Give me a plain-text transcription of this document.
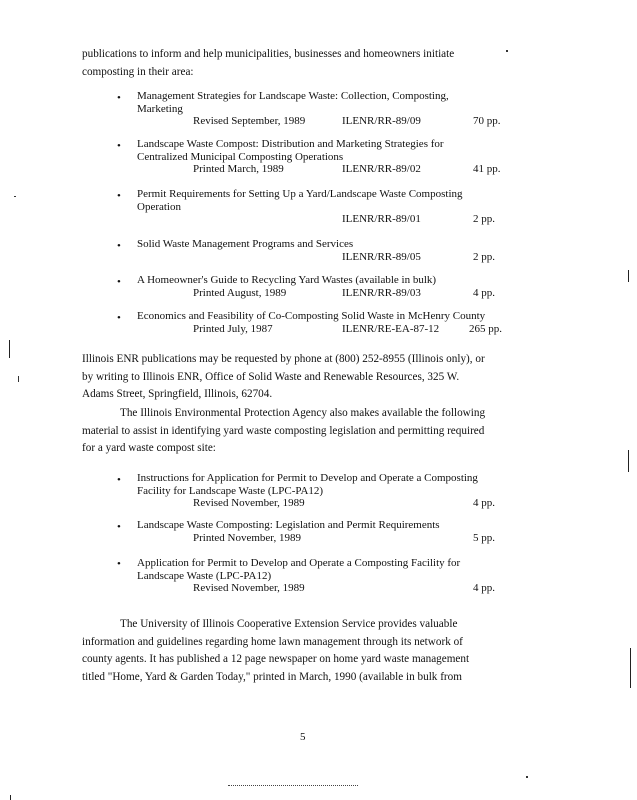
publications to inform and help municipalities, businesses and homeowners initiate
composting in their area:
• Management Strategies for Landscape Waste: Collection, Composting,
Marketing
Revised September, 1989	ILENR/RR-89/09	70 pp.
• Landscape Waste Compost: Distribution and Marketing Strategies for
Centralized Municipal Composting Operations
Printed March, 1989	ILENR/RR-89/02	41 pp.
• Permit Requirements for Setting Up a Yard/Landscape Waste Composting
Operation
ILENR/RR-89/01	2 pp.
• Solid Waste Management Programs and Services
ILENR/RR-89/05	2 pp.
• A Homeowner's Guide to Recycling Yard Wastes (available in bulk)
Printed August, 1989	ILENR/RR-89/03	4 pp.
• Economics and Feasibility of Co-Composting Solid Waste in McHenry County
Printed July, 1987	ILENR/RE-EA-87-12	265 pp.
Illinois ENR publications may be requested by phone at (800) 252-8955 (Illinois only), or
by writing to Illinois ENR, Office of Solid Waste and Renewable Resources, 325 W.
Adams Street, Springfield, Illinois, 62704.
The Illinois Environmental Protection Agency also makes available the following
material to assist in identifying yard waste composting legislation and permitting required
for a yard waste compost site:
• Instructions for Application for Permit to Develop and Operate a Composting
Facility for Landscape Waste (LPC-PA12)
Revised November, 1989	4 pp.
• Landscape Waste Composting: Legislation and Permit Requirements
Printed November, 1989	5 pp.
• Application for Permit to Develop and Operate a Composting Facility for
Landscape Waste (LPC-PA12)
Revised November, 1989	4 pp.
The University of Illinois Cooperative Extension Service provides valuable
information and guidelines regarding home lawn management through its network of
county agents. It has published a 12 page newspaper on home yard waste management
titled "Home, Yard & Garden Today," printed in March, 1990 (available in bulk from
5
